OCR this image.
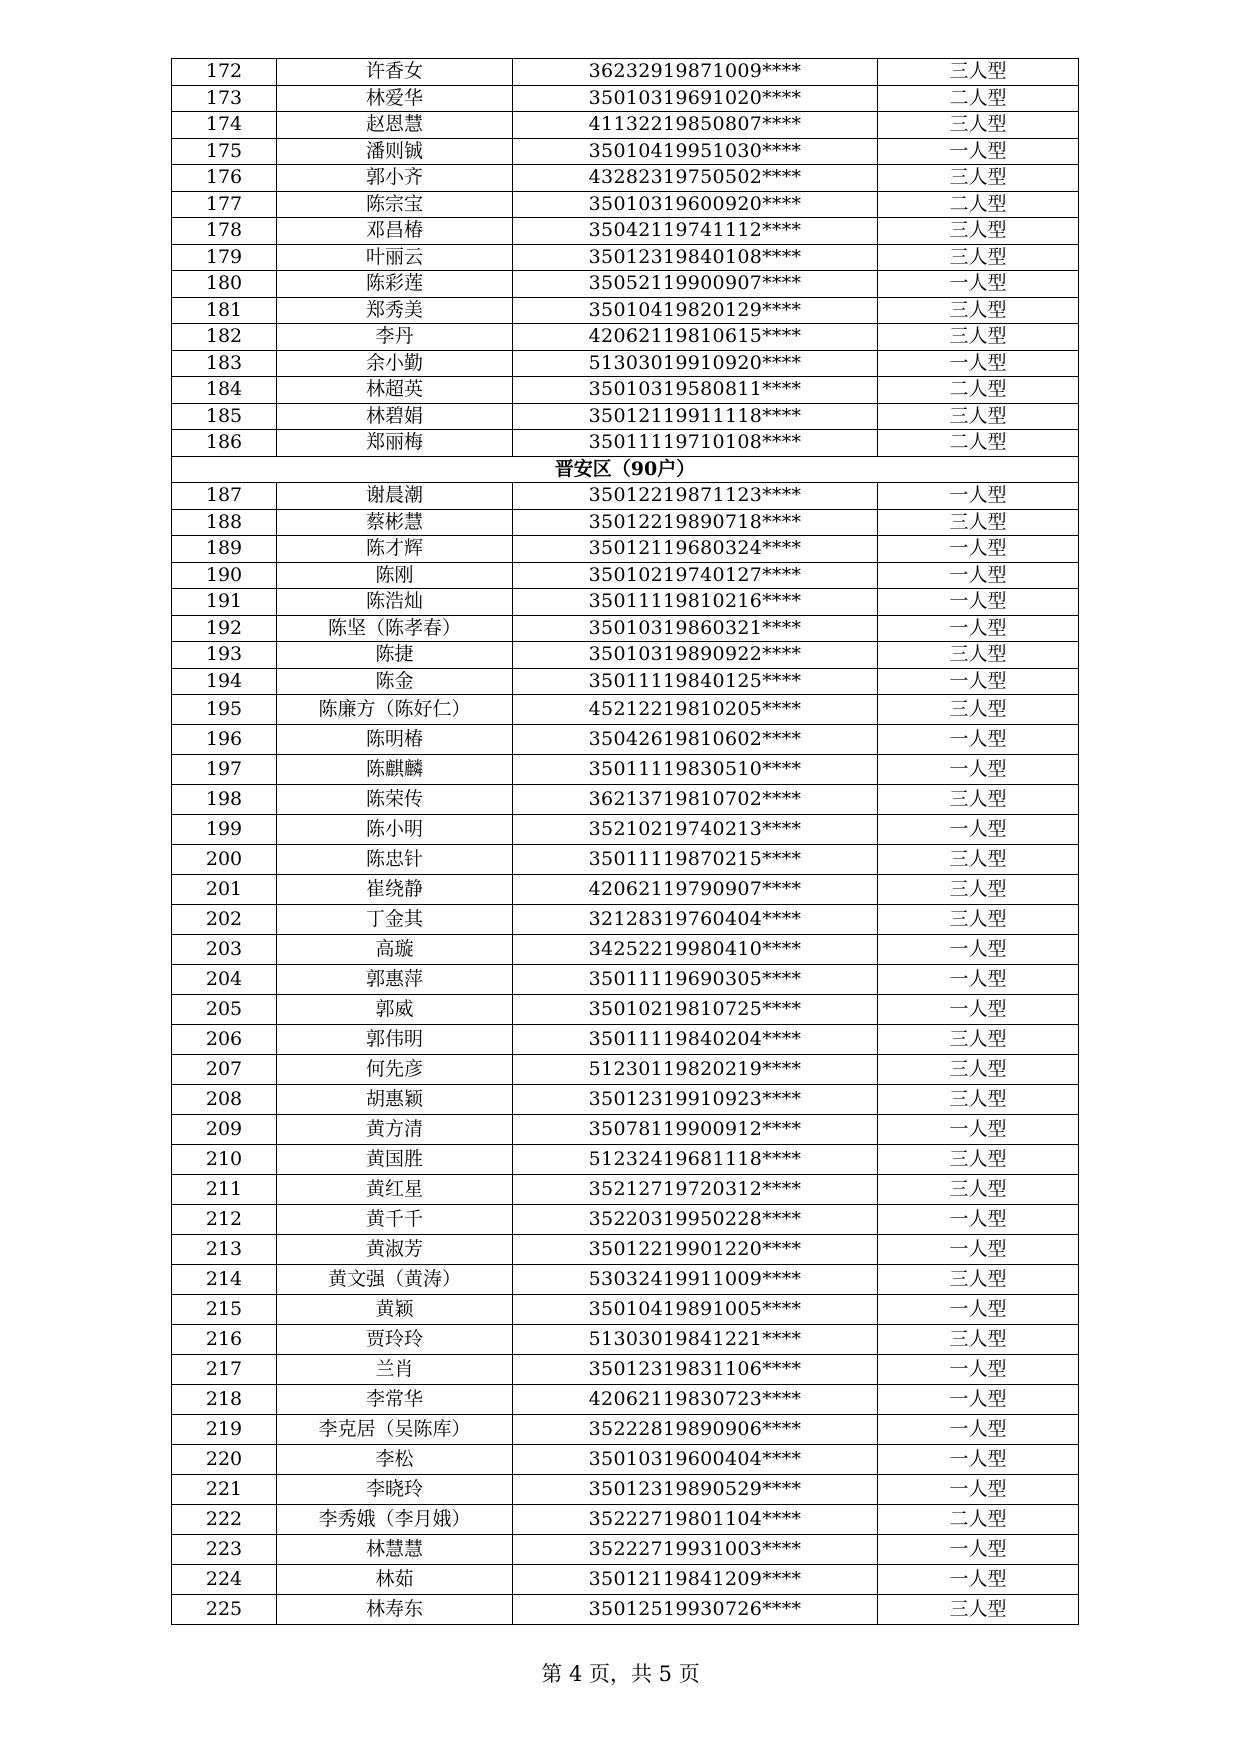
172	许香女	36232919871009****	三人型
173	林爱华	35010319691020****	二人型
174	赵恩慧	41132219850807****	三人型
175	潘则铖	35010419951030****	一人型
176	郭小齐	43282319750502****	三人型
177	陈宗宝	35010319600920****	二人型
178	邓昌椿	35042119741112****	三人型
179	叶丽云	35012319840108****	三人型
180	陈彩莲	35052119900907****	一人型
181	郑秀美	35010419820129****	三人型
182	李丹	42062119810615****	三人型
183	余小勤	51303019910920****	一人型
184	林超英	35010319580811****	二人型
185	林碧娟	35012119911118****	三人型
186	郑丽梅	35011119710108****	二人型
晋安区（90户）			
187	谢晨潮	35012219871123****	一人型
188	蔡彬慧	35012219890718****	三人型
189	陈才辉	35012119680324****	一人型
190	陈刚	35010219740127****	一人型
191	陈浩灿	35011119810216****	一人型
192	陈坚（陈孝春）	35010319860321****	一人型
193	陈捷	35010319890922****	三人型
194	陈金	35011119840125****	一人型
195	陈廉方（陈好仁）	45212219810205****	三人型
196	陈明椿	35042619810602****	一人型
197	陈麒麟	35011119830510****	一人型
198	陈荣传	36213719810702****	三人型
199	陈小明	35210219740213****	一人型
200	陈忠针	35011119870215****	三人型
201	崔绕静	42062119790907****	三人型
202	丁金其	32128319760404****	三人型
203	高璇	34252219980410****	一人型
204	郭惠萍	35011119690305****	一人型
205	郭威	35010219810725****	一人型
206	郭伟明	35011119840204****	三人型
207	何先彦	51230119820219****	三人型
208	胡惠颖	35012319910923****	三人型
209	黄方清	35078119900912****	一人型
210	黄国胜	51232419681118****	三人型
211	黄红星	35212719720312****	三人型
212	黄千千	35220319950228****	一人型
213	黄淑芳	35012219901220****	一人型
214	黄文强（黄涛）	53032419911009****	三人型
215	黄颖	35010419891005****	一人型
216	贾玲玲	51303019841221****	三人型
217	兰肖	35012319831106****	一人型
218	李常华	42062119830723****	一人型
219	李克居（吴陈库）	35222819890906****	一人型
220	李松	35010319600404****	一人型
221	李晓玲	35012319890529****	一人型
222	李秀娥（李月娥）	35222719801104****	二人型
223	林慧慧	35222719931003****	一人型
224	林茹	35012119841209****	一人型
225	林寿东	35012519930726****	三人型
第 4 页，共 5 页
